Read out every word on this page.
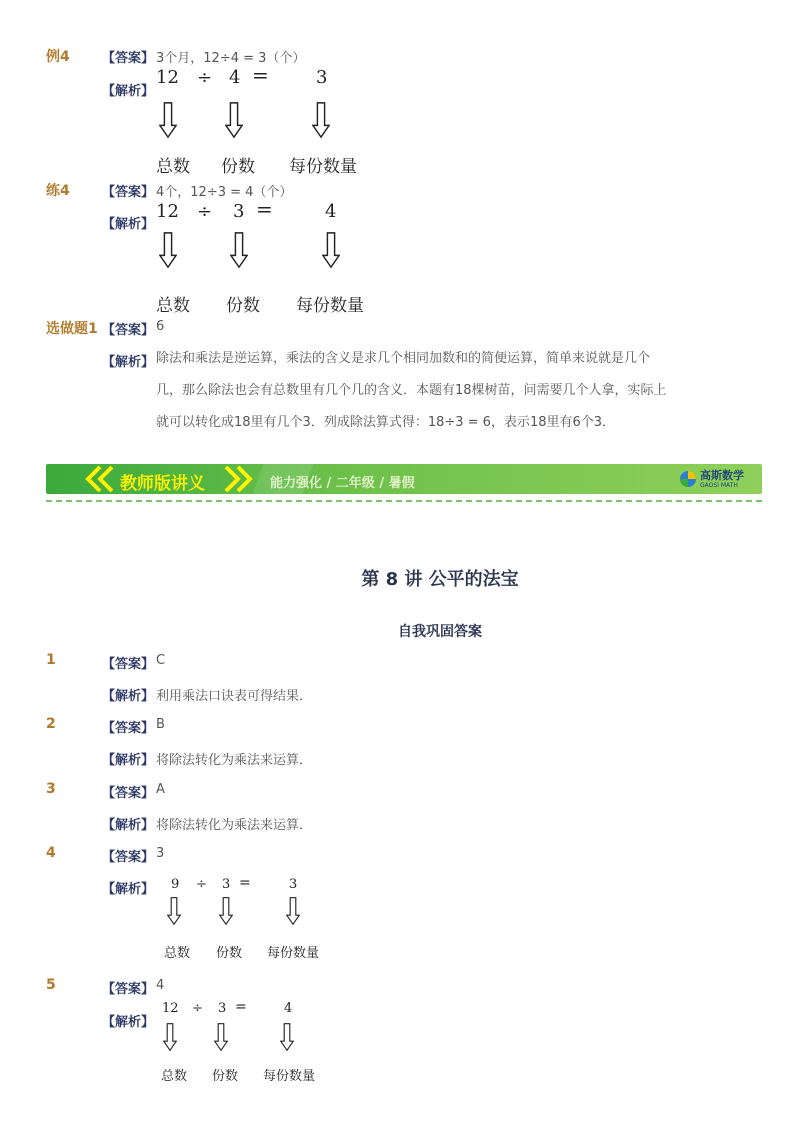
例4 【答案】 3个月，12÷4 = 3（个）
【解析】
12 ÷ 4 =	3
总数 份数 每份数量
练4 【答案】 4个，12÷3 = 4（个）
【解析】
12 ÷ 3 =	4
总数 份数 每份数量
选做题1 【答案】 6
【解析】 除法和乘法是逆运算，乘法的含义是求几个相同加数和的简便运算，简单来说就是几个
几，那么除法也会有总数里有几个几的含义．本题有18棵树苗，问需要几个人拿，实际上
就可以转化成18里有几个3．列成除法算式得：18÷3 = 6，表示18里有6个3．
教师版讲义	能力强化 / 二年级 / 暑假
高斯数学
GAOSI MATH
第 8 讲 公平的法宝
自我巩固答案
1	【答案】 C
【解析】 利用乘法口诀表可得结果．
2	【答案】 B
【解析】 将除法转化为乘法来运算．
3	【答案】 A
【解析】 将除法转化为乘法来运算．
4	【答案】 3
【解析】 9 ÷ 3 =	3
总数 份数 每份数量
5	【答案】 4
【解析】
12 ÷ 3 =	4
总数 份数 每份数量
